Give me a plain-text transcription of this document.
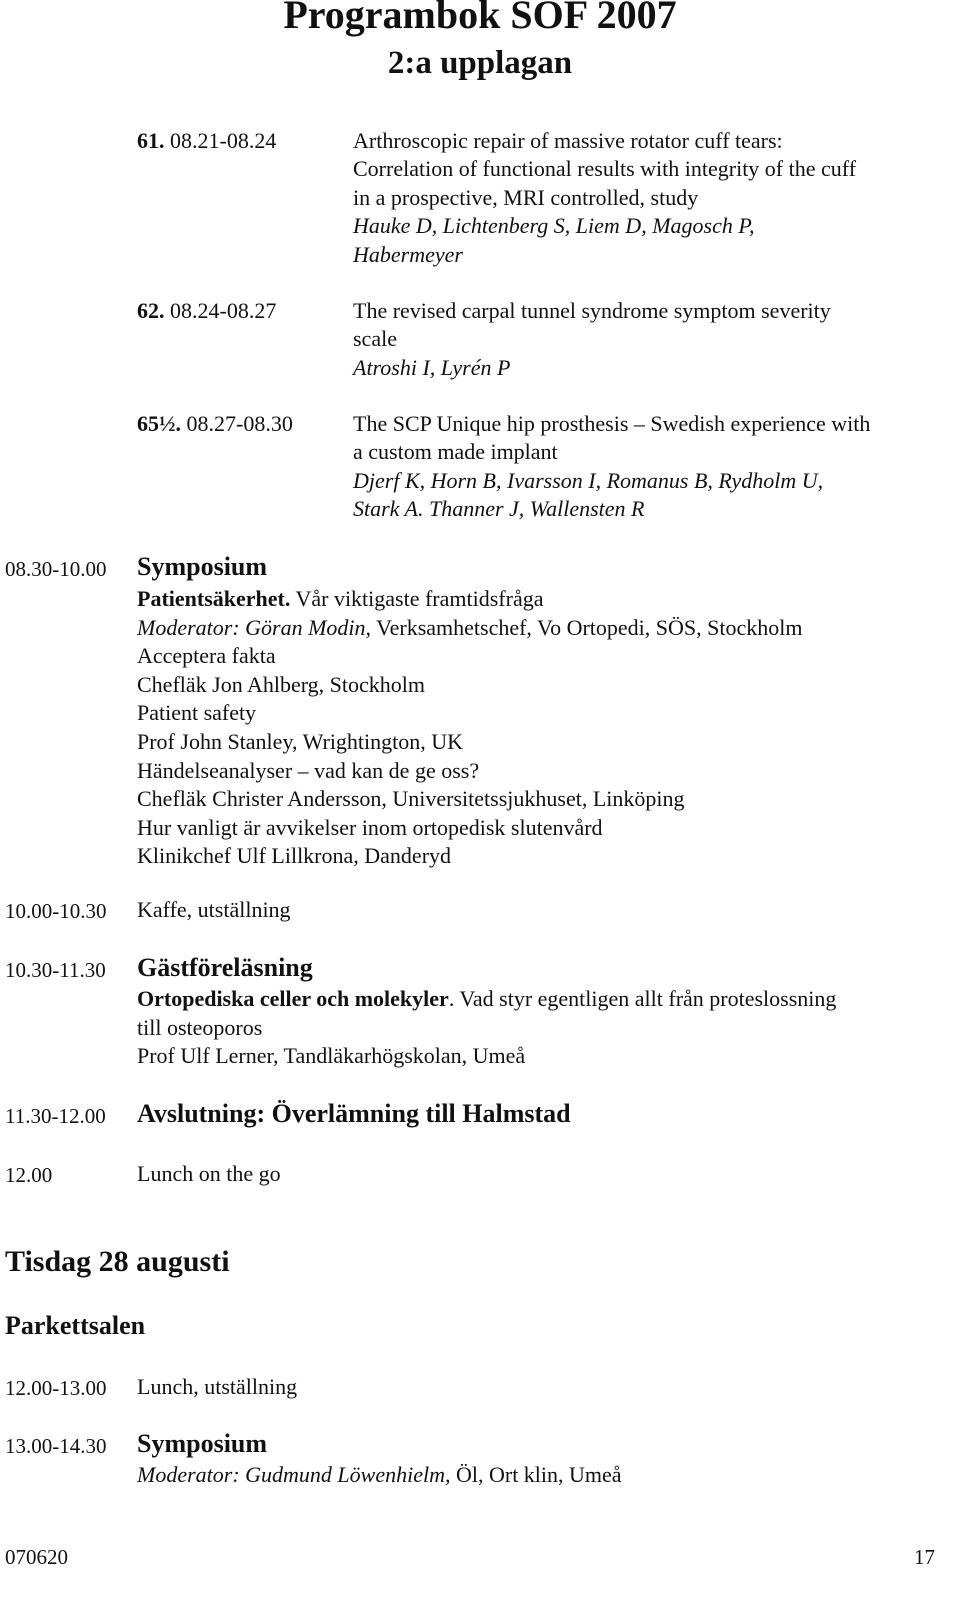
Programbok SOF 2007
2:a upplagan
61. 08.21-08.24	Arthroscopic repair of massive rotator cuff tears:
Correlation of functional results with integrity of the cuff
in a prospective, MRI controlled, study
Hauke D, Lichtenberg S, Liem D, Magosch P,
Habermeyer
62. 08.24-08.27	The revised carpal tunnel syndrome symptom severity
scale
Atroshi I, Lyrén P
65½. 08.27-08.30	The SCP Unique hip prosthesis – Swedish experience with
a custom made implant
Djerf K, Horn B, Ivarsson I, Romanus B, Rydholm U,
Stark A. Thanner J, Wallensten R
08.30-10.00 Symposium
Patientsäkerhet. Vår viktigaste framtidsfråga
Moderator: Göran Modin, Verksamhetschef, Vo Ortopedi, SÖS, Stockholm
Acceptera fakta
Chefläk Jon Ahlberg, Stockholm
Patient safety
Prof John Stanley, Wrightington, UK
Händelseanalyser – vad kan de ge oss?
Chefläk Christer Andersson, Universitetssjukhuset, Linköping
Hur vanligt är avvikelser inom ortopedisk slutenvård
Klinikchef Ulf Lillkrona, Danderyd
10.00-10.30 Kaffe, utställning
10.30-11.30 Gästföreläsning
Ortopediska celler och molekyler. Vad styr egentligen allt från proteslossning
till osteoporos
Prof Ulf Lerner, Tandläkarhögskolan, Umeå
11.30-12.00 Avslutning: Överlämning till Halmstad
12.00	Lunch on the go
Tisdag 28 augusti
Parkettsalen
12.00-13.00 Lunch, utställning
13.00-14.30 Symposium
Moderator: Gudmund Löwenhielm, Öl, Ort klin, Umeå
070620	17
